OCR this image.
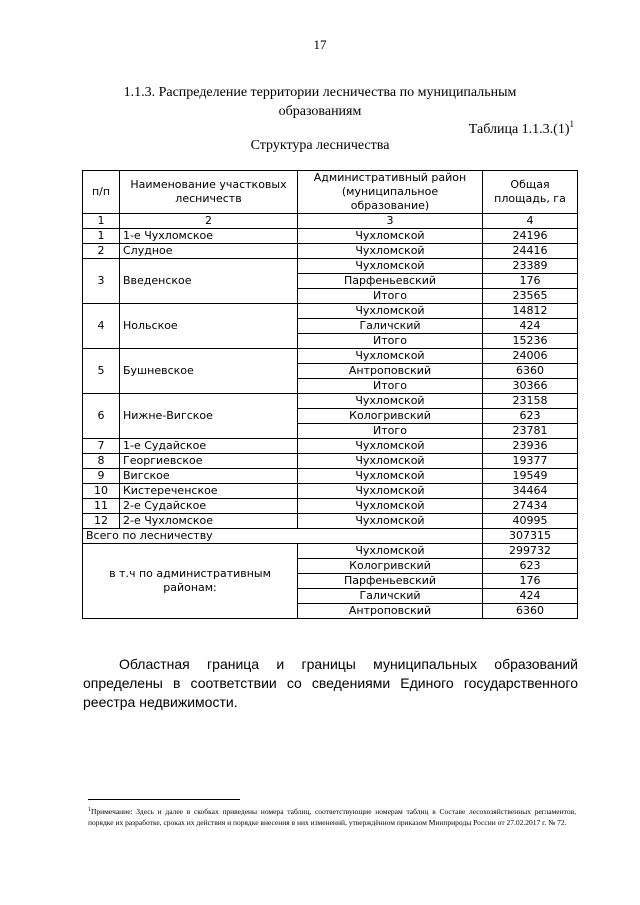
17
1.1.3. Распределение территории лесничества по муниципальным образованиям
Таблица $1.1.3.(1)^1$
Структура лесничества
п/п	Наименование участковых лесничеств	Административный район (муниципальное образование)	Общая площадь, га
1	2	3	4
1	1-е Чухломское	Чухломской	24196
2	Слудное	Чухломской	24416
3	Введенское	Чухломской	23389
		Парфеньевский	176
		Итого	23565
4	Нольское	Чухломской	14812
		Галичский	424
		Итого	15236
5	Бушневское	Чухломской	24006
		Антроповский	6360
		Итого	30366
6	Нижне-Вигское	Чухломской	23158
		Кологривский	623
		Итого	23781
7	1-е Судайское	Чухломской	23936
8	Георгиевское	Чухломской	19377
9	Вигское	Чухломской	19549
10	Кистереченское	Чухломской	34464
11	2-е Судайское	Чухломской	27434
12	2-е Чухломское	Чухломской	40995
Всего по лесничеству			307315
в т.ч по административным районам:		Чухломской	299732
		Кологривский	623
		Парфеньевский	176
		Галичский	424
		Антроповский	6360
Областная граница и границы муниципальных образований определены в соответствии со сведениями Единого государственного реестра недвижимости.
$^1$Примечание: Здесь и далее в скобках приведены номера таблиц, соответствующие номерам таблиц в Составе лесохозяйственных регламентов, порядке их разработке, сроках их действия и порядке внесения в них изменений, утверждённом приказом Минприроды России от 27.02.2017 г. № 72.
